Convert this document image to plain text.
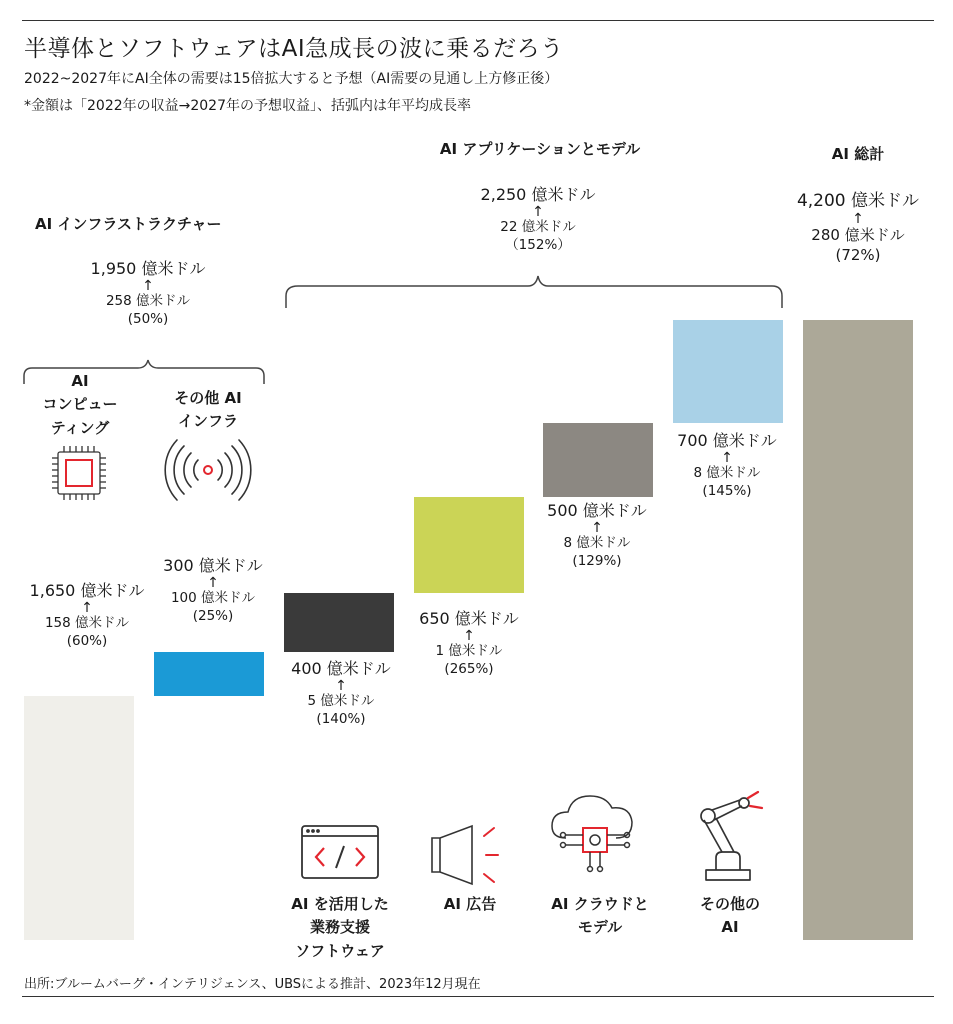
半導体とソフトウェアはAI急成長の波に乗るだろう
2022~2027年にAI全体の需要は15倍拡大すると予想（AI需要の見通し上方修正後）
*金額は「2022年の収益→2027年の予想収益」、括弧内は年平均成長率
AI インフラストラクチャー
1,950 億米ドル
↑
258 億米ドル
(50%)
AI アプリケーションとモデル
2,250 億米ドル
↑
22 億米ドル
（152%）
AI 総計
4,200 億米ドル
↑
280 億米ドル
(72%)
AI
コンピュー
ティング
その他 AI
インフラ
AI を活用した
業務支援
ソフトウェア
AI 広告	AI クラウドと
モデル
その他の
AI
1,650 億米ドル
↑
158 億米ドル
(60%)
300 億米ドル
↑
100 億米ドル
(25%)
400 億米ドル
↑
5 億米ドル
(140%)
650 億米ドル
↑
1 億米ドル
(265%)
500 億米ドル
↑
8 億米ドル
(129%)
700 億米ドル
↑
8 億米ドル
(145%)
出所:ブルームバーグ・インテリジェンス、UBSによる推計、2023年12月現在
